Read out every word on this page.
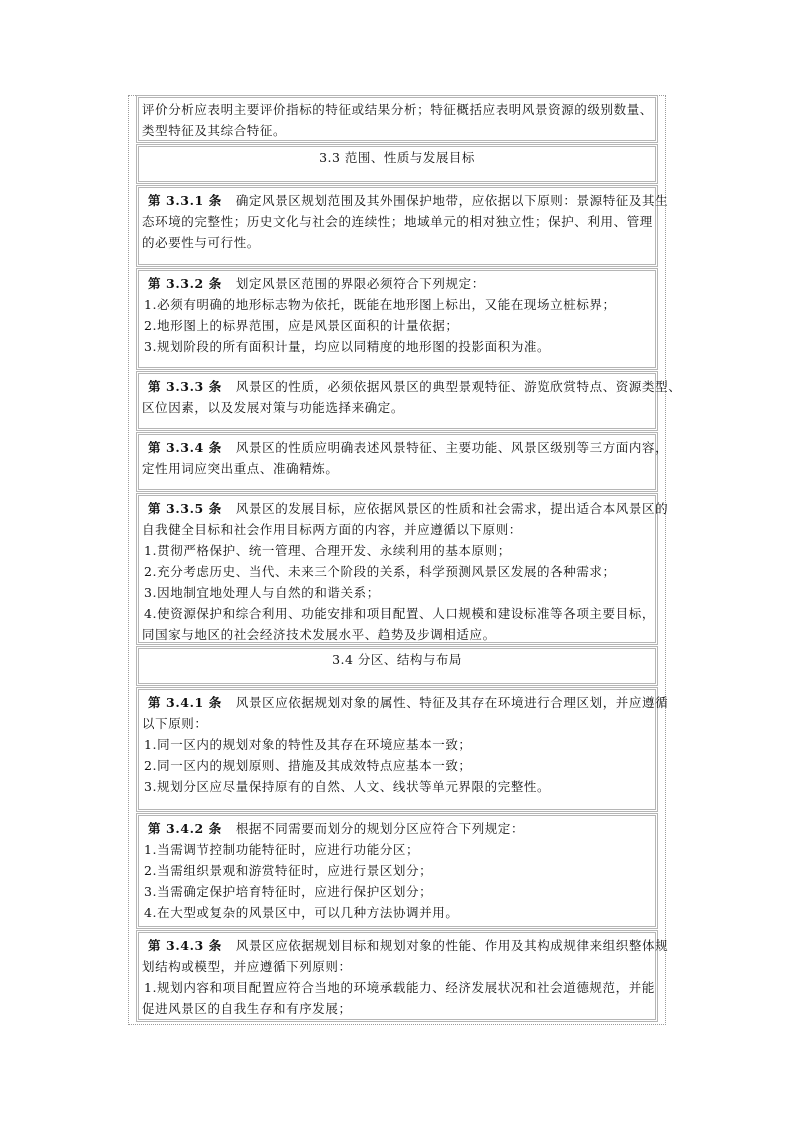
评价分析应表明主要评价指标的特征或结果分析；特征概括应表明风景资源的级别数量、
类型特征及其综合特征。
3.3 范围、性质与发展目标
第 3.3.1 条 确定风景区规划范围及其外围保护地带，应依据以下原则：景源特征及其生
态环境的完整性；历史文化与社会的连续性；地域单元的相对独立性；保护、利用、管理
的必要性与可行性。
第 3.3.2 条 划定风景区范围的界限必须符合下列规定：
1.必须有明确的地形标志物为依托，既能在地形图上标出，又能在现场立桩标界；
2.地形图上的标界范围，应是风景区面积的计量依据；
3.规划阶段的所有面积计量，均应以同精度的地形图的投影面积为准。
第 3.3.3 条 风景区的性质，必须依据风景区的典型景观特征、游览欣赏特点、资源类型、
区位因素，以及发展对策与功能选择来确定。
第 3.3.4 条 风景区的性质应明确表述风景特征、主要功能、风景区级别等三方面内容，
定性用词应突出重点、准确精炼。
第 3.3.5 条 风景区的发展目标，应依据风景区的性质和社会需求，提出适合本风景区的
自我健全目标和社会作用目标两方面的内容，并应遵循以下原则：
1.贯彻严格保护、统一管理、合理开发、永续利用的基本原则；
2.充分考虑历史、当代、未来三个阶段的关系，科学预测风景区发展的各种需求；
3.因地制宜地处理人与自然的和谐关系；
4.使资源保护和综合利用、功能安排和项目配置、人口规模和建设标准等各项主要目标，
同国家与地区的社会经济技术发展水平、趋势及步调相适应。
3.4 分区、结构与布局
第 3.4.1 条 风景区应依据规划对象的属性、特征及其存在环境进行合理区划，并应遵循
以下原则：
1.同一区内的规划对象的特性及其存在环境应基本一致；
2.同一区内的规划原则、措施及其成效特点应基本一致；
3.规划分区应尽量保持原有的自然、人文、线状等单元界限的完整性。
第 3.4.2 条 根据不同需要而划分的规划分区应符合下列规定：
1.当需调节控制功能特征时，应进行功能分区；
2.当需组织景观和游赏特征时，应进行景区划分；
3.当需确定保护培育特征时，应进行保护区划分；
4.在大型或复杂的风景区中，可以几种方法协调并用。
第 3.4.3 条 风景区应依据规划目标和规划对象的性能、作用及其构成规律来组织整体规
划结构或模型，并应遵循下列原则：
1.规划内容和项目配置应符合当地的环境承载能力、经济发展状况和社会道德规范，并能
促进风景区的自我生存和有序发展；
